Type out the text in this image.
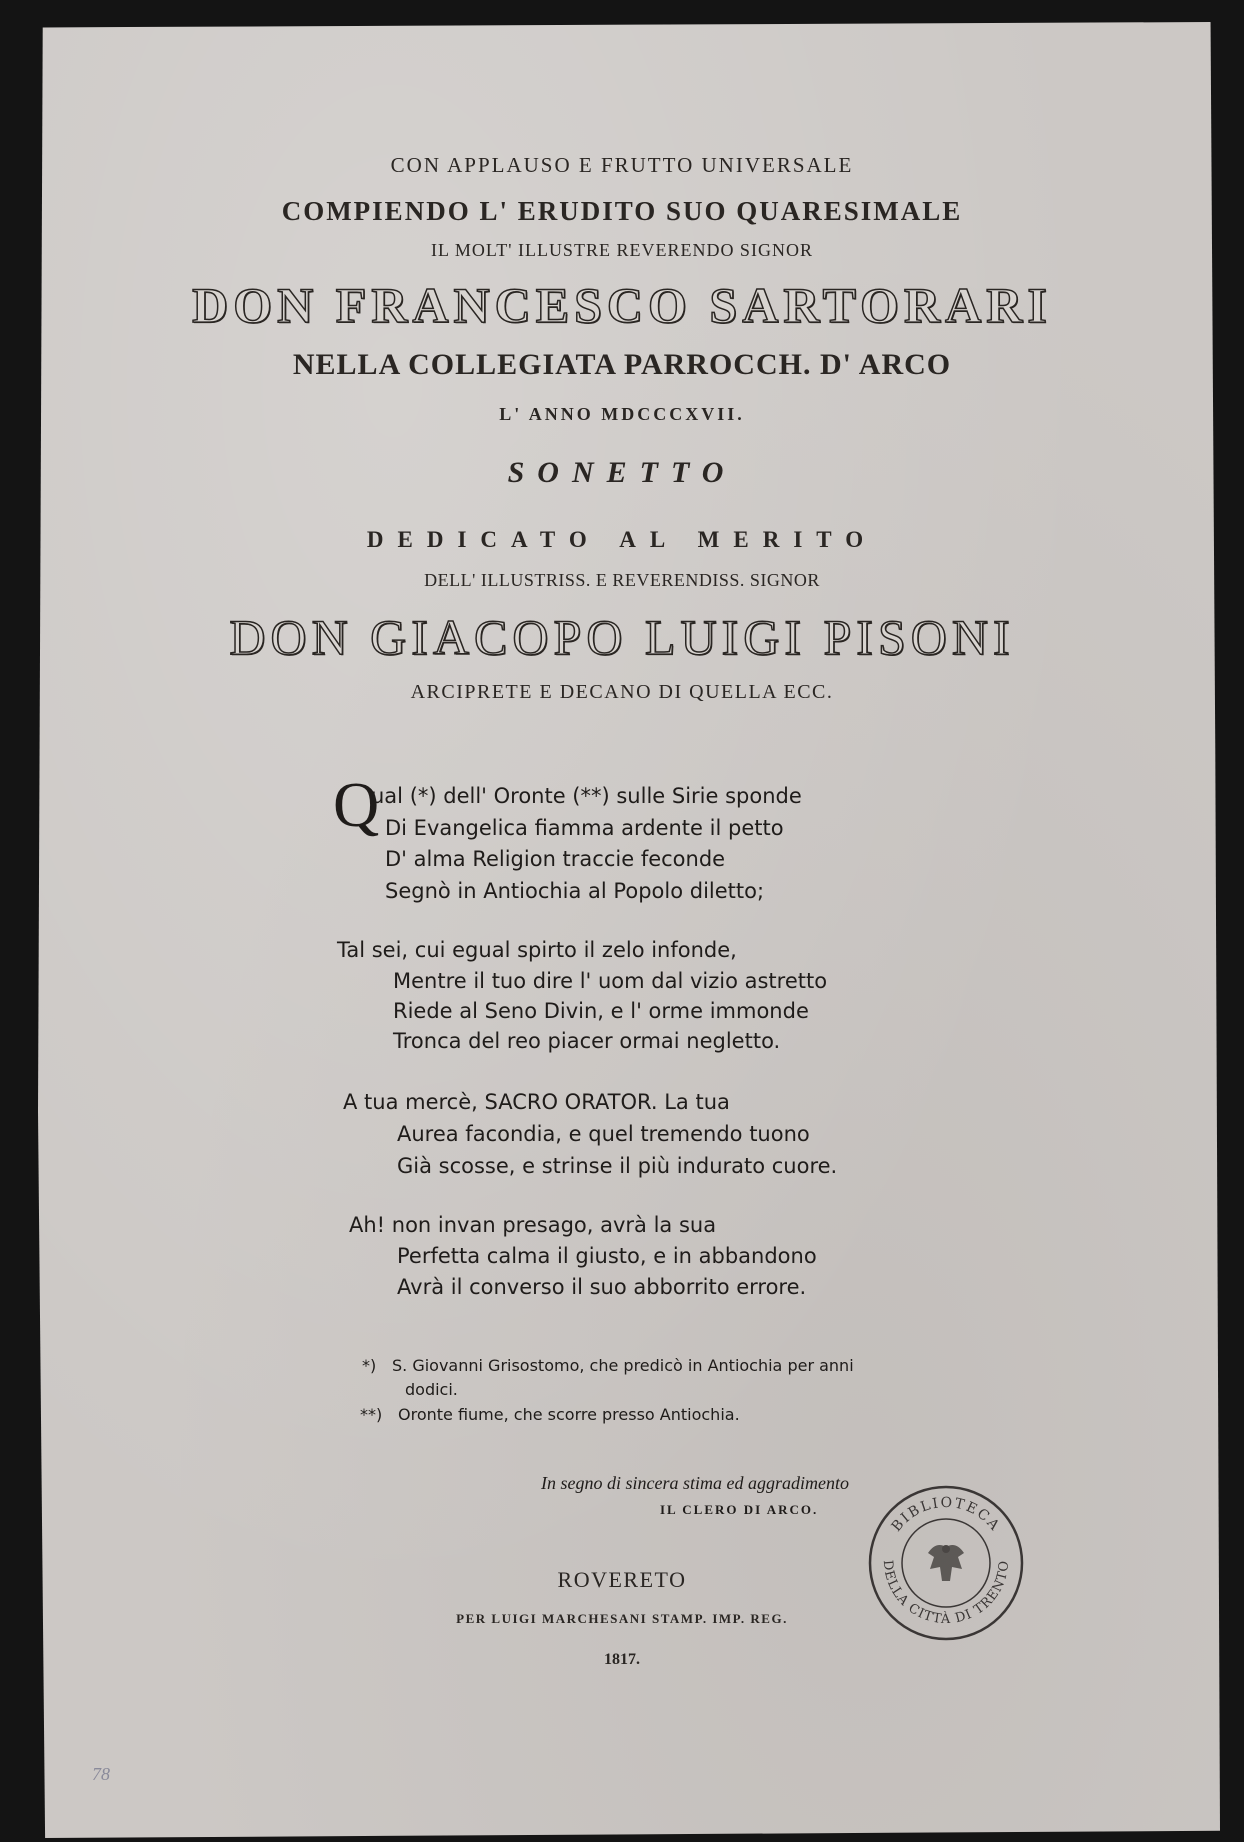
CON APPLAUSO E FRUTTO UNIVERSALE
COMPIENDO L' ERUDITO SUO QUARESIMALE
IL MOLT' ILLUSTRE REVERENDO SIGNOR
DON FRANCESCO SARTORARI
NELLA COLLEGIATA PARROCCH. D' ARCO
L' ANNO MDCCCXVII.
SONETTO
DEDICATO AL MERITO
DELL' ILLUSTRISS. E REVERENDISS. SIGNOR
DON GIACOPO LUIGI PISONI
ARCIPRETE E DECANO DI QUELLA ECC.
Q
ual (*) dell' Oronte (**) sulle Sirie sponde
Di Evangelica fiamma ardente il petto
D' alma Religion traccie feconde
Segnò in Antiochia al Popolo diletto;
Tal sei, cui egual spirto il zelo infonde,
Mentre il tuo dire l' uom dal vizio astretto
Riede al Seno Divin, e l' orme immonde
Tronca del reo piacer ormai negletto.
A tua mercè, SACRO ORATOR. La tua
Aurea facondia, e quel tremendo tuono
Già scosse, e strinse il più indurato cuore.
Ah! non invan presago, avrà la sua
Perfetta calma il giusto, e in abbandono
Avrà il converso il suo abborrito errore.
*) S. Giovanni Grisostomo, che predicò in Antiochia per anni
dodici.
**) Oronte fiume, che scorre presso Antiochia.
In segno di sincera stima ed aggradimento
IL CLERO DI ARCO.
BIBLIOTECA
DELLA CITTÀ DI TRENTO
ROVERETO
PER LUIGI MARCHESANI STAMP. IMP. REG.
1817.
78
